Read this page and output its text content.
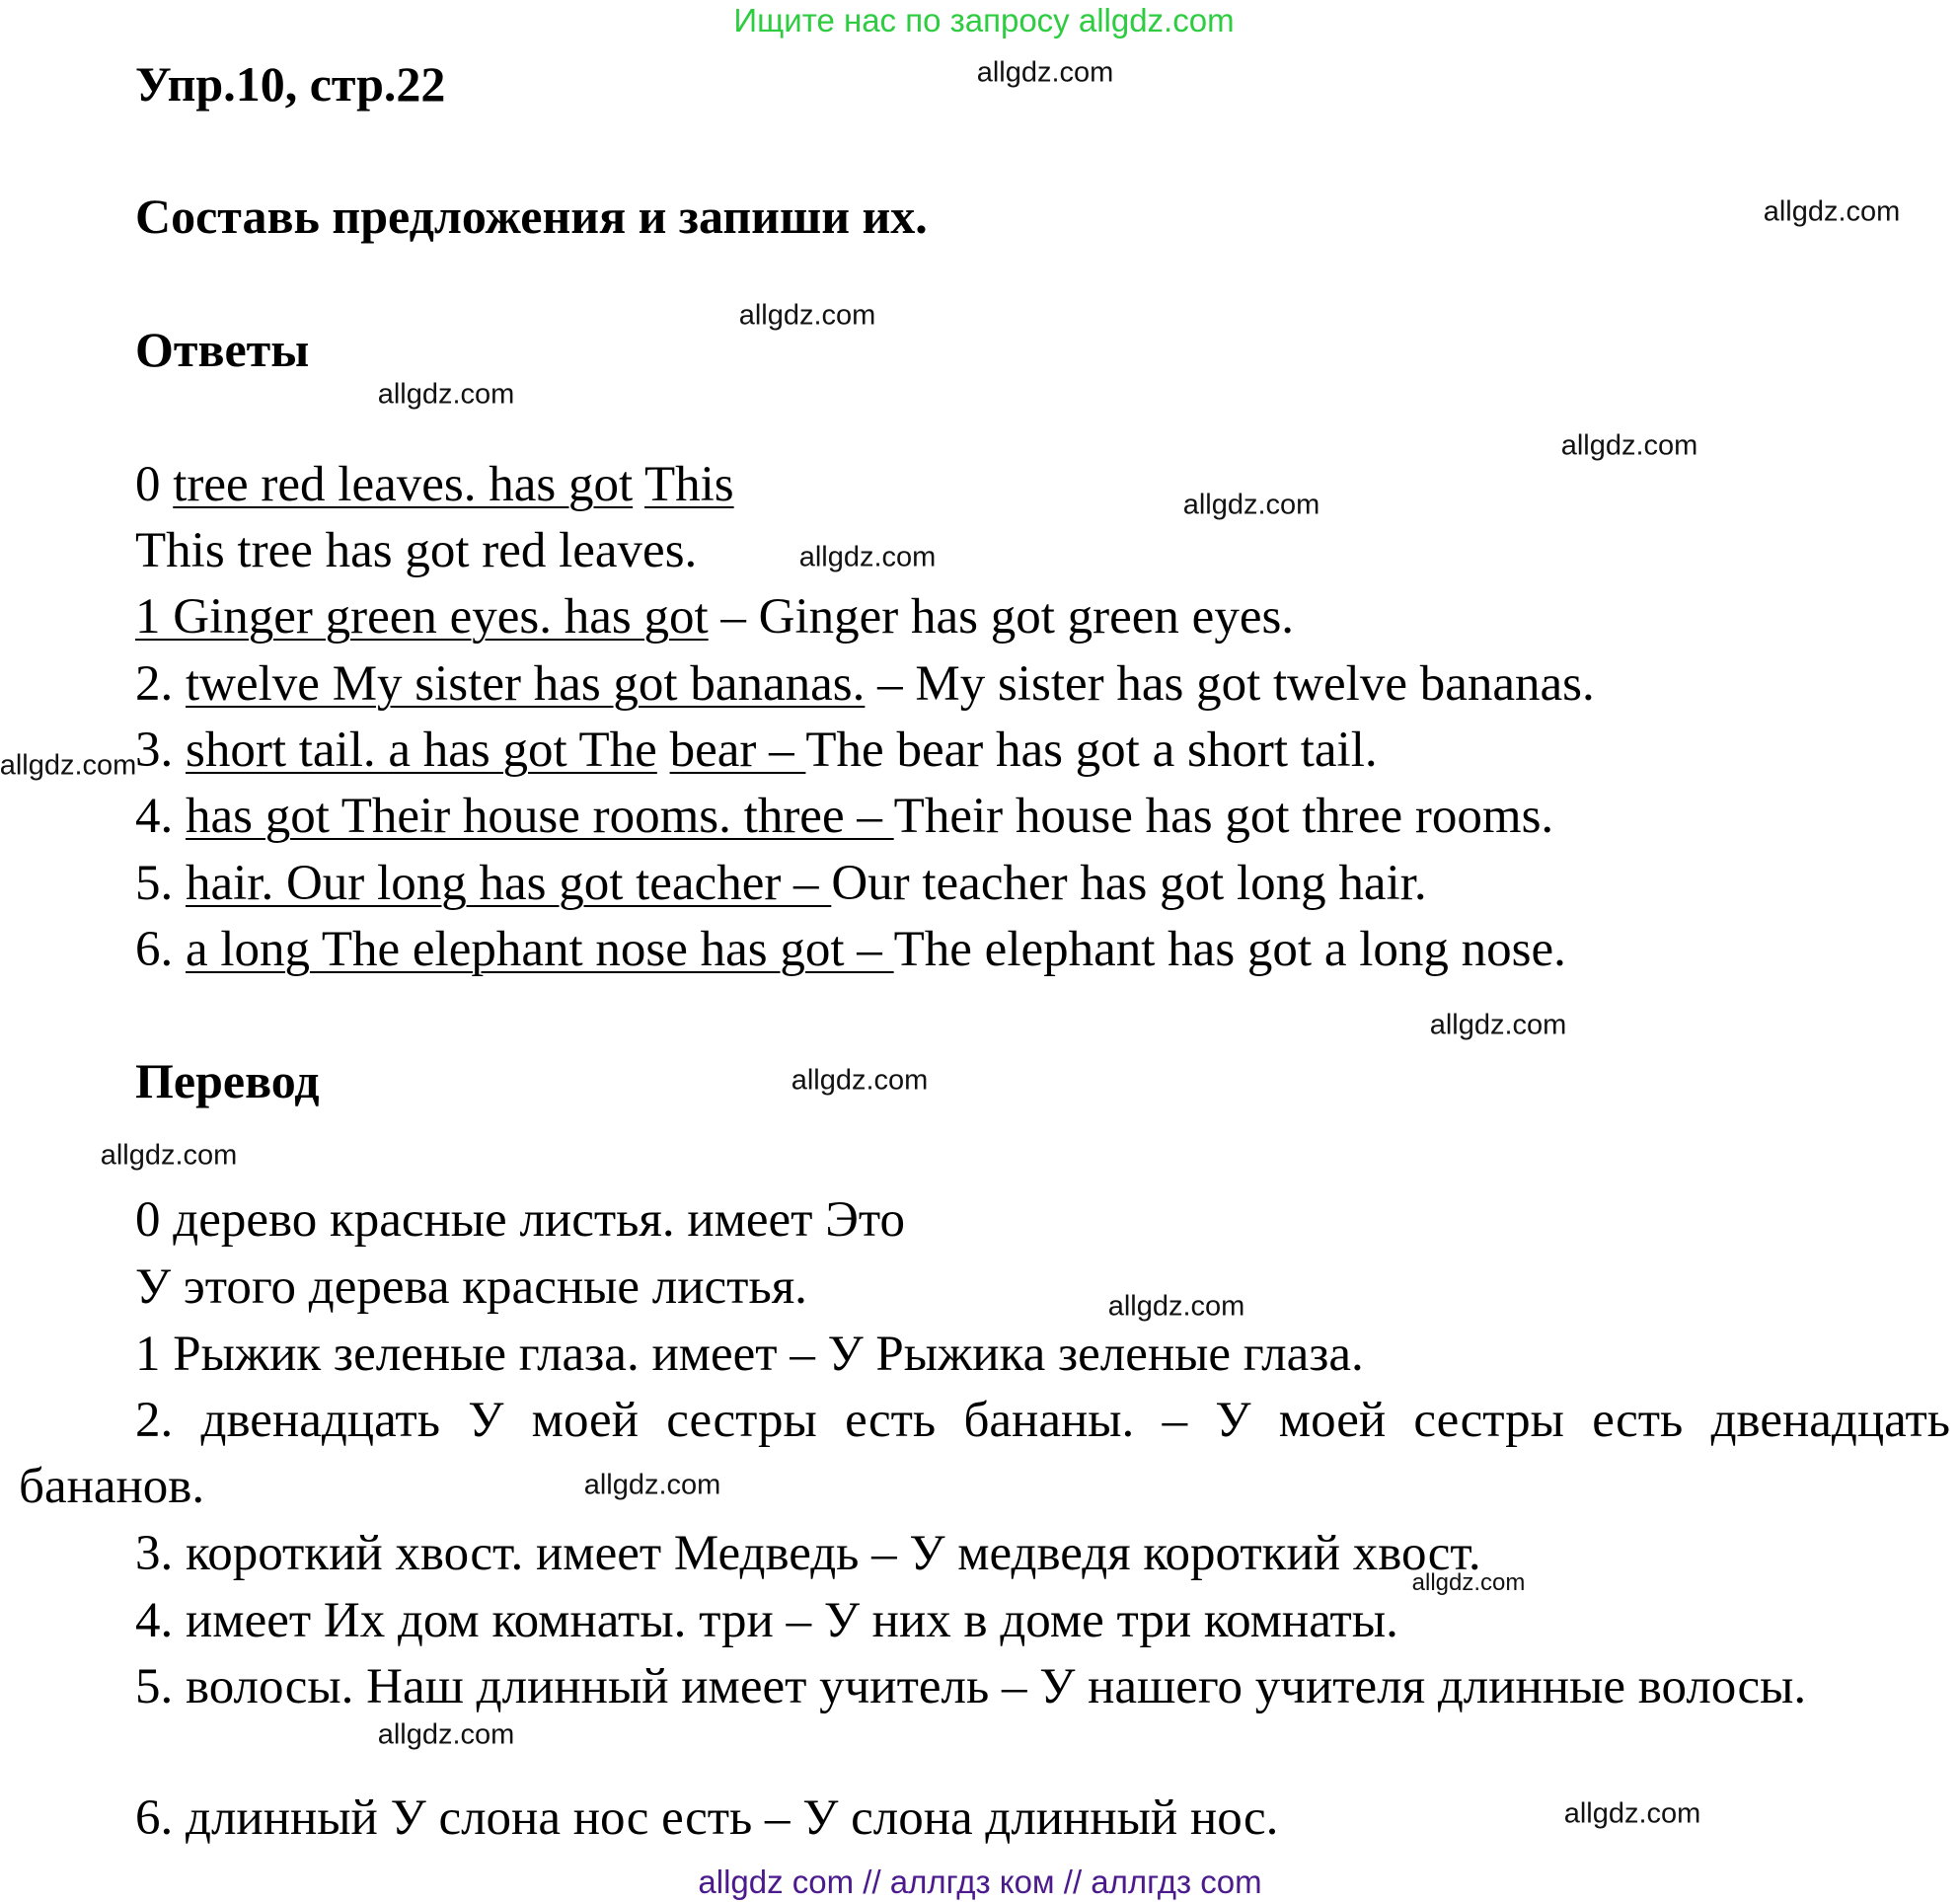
Ищите нас по запросу allgdz.com
Упр.10, стр.22
Составь предложения и запиши их.
Ответы
0 tree red leaves. has got This
This tree has got red leaves.
1 Ginger green eyes. has got – Ginger has got green eyes.
2. twelve My sister has got bananas. – My sister has got twelve bananas.
3. short tail. a has got The bear – The bear has got a short tail.
4. has got Their house rooms. three – Their house has got three rooms.
5. hair. Our long has got teacher – Our teacher has got long hair.
6. a long The elephant nose has got – The elephant has got a long nose.
Перевод
0 дерево красные листья. имеет Это
У этого дерева красные листья.
1 Рыжик зеленые глаза. имеет – У Рыжика зеленые глаза.
2. двенадцать У моей сестры есть бананы. – У моей сестры есть двенадцать бананов.
3. короткий хвост. имеет Медведь – У медведя короткий хвост.
4. имеет Их дом комнаты. три – У них в доме три комнаты.
5. волосы. Наш длинный имеет учитель – У нашего учителя длинные волосы.
6. длинный У слона нос есть – У слона длинный нос.
allgdz.com
allgdz.com
allgdz.com
allgdz.com
allgdz.com
allgdz.com
allgdz.com
allgdz.com
allgdz.com
allgdz.com
allgdz.com
allgdz.com
allgdz.com
allgdz.com
allgdz.com
allgdz.com
allgdz com // аллгдз ком // аллгдз com
